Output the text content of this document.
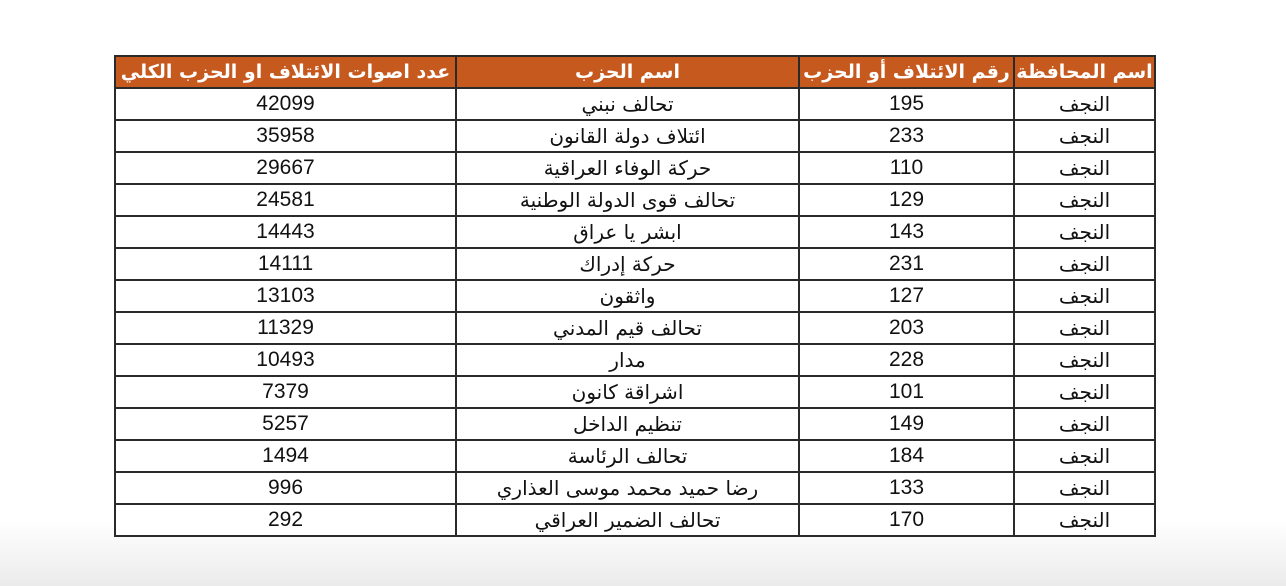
اسم المحافظة	رقم الائتلاف أو الحزب	اسم الحزب	عدد اصوات الائتلاف او الحزب الكلي
النجف	195	تحالف نبني	42099
النجف	233	ائتلاف دولة القانون	35958
النجف	110	حركة الوفاء العراقية	29667
النجف	129	تحالف قوى الدولة الوطنية	24581
النجف	143	ابشر يا عراق	14443
النجف	231	حركة إدراك	14111
النجف	127	واثقون	13103
النجف	203	تحالف قيم المدني	11329
النجف	228	مدار	10493
النجف	101	اشراقة كانون	7379
النجف	149	تنظيم الداخل	5257
النجف	184	تحالف الرئاسة	1494
النجف	133	رضا حميد محمد موسى العذاري	996
النجف	170	تحالف الضمير العراقي	292
